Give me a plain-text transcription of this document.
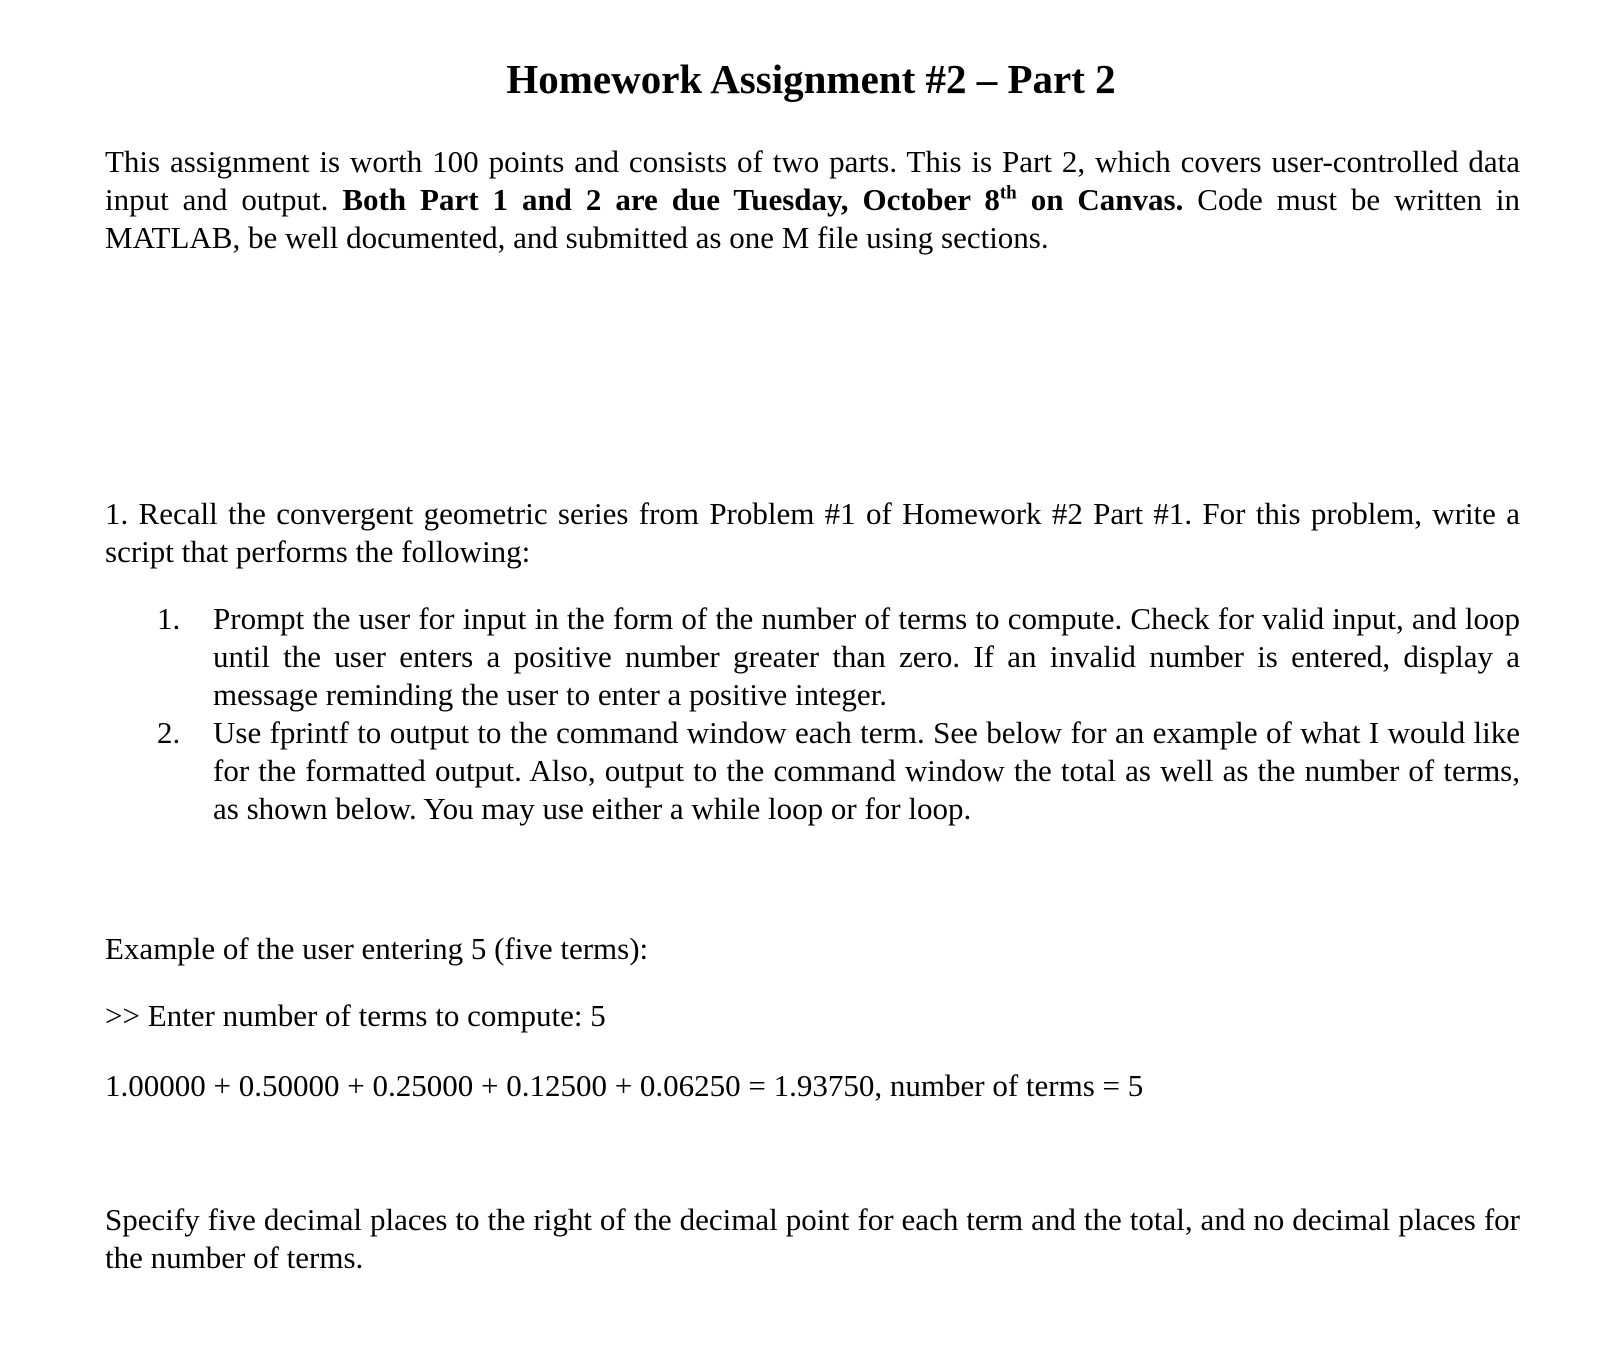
Homework Assignment #2 – Part 2

This assignment is worth 100 points and consists of two parts. This is Part 2, which covers user-controlled data input and output. Both Part 1 and 2 are due Tuesday, October 8th on Canvas. Code must be written in MATLAB, be well documented, and submitted as one M file using sections.

1. Recall the convergent geometric series from Problem #1 of Homework #2 Part #1. For this problem, write a script that performs the following:

1. Prompt the user for input in the form of the number of terms to compute. Check for valid input, and loop until the user enters a positive number greater than zero. If an invalid number is entered, display a message reminding the user to enter a positive integer.
2. Use fprintf to output to the command window each term. See below for an example of what I would like for the formatted output. Also, output to the command window the total as well as the number of terms, as shown below. You may use either a while loop or for loop.

Example of the user entering 5 (five terms):

>> Enter number of terms to compute: 5

1.00000 + 0.50000 + 0.25000 + 0.12500 + 0.06250 = 1.93750, number of terms = 5

Specify five decimal places to the right of the decimal point for each term and the total, and no decimal places for the number of terms.
